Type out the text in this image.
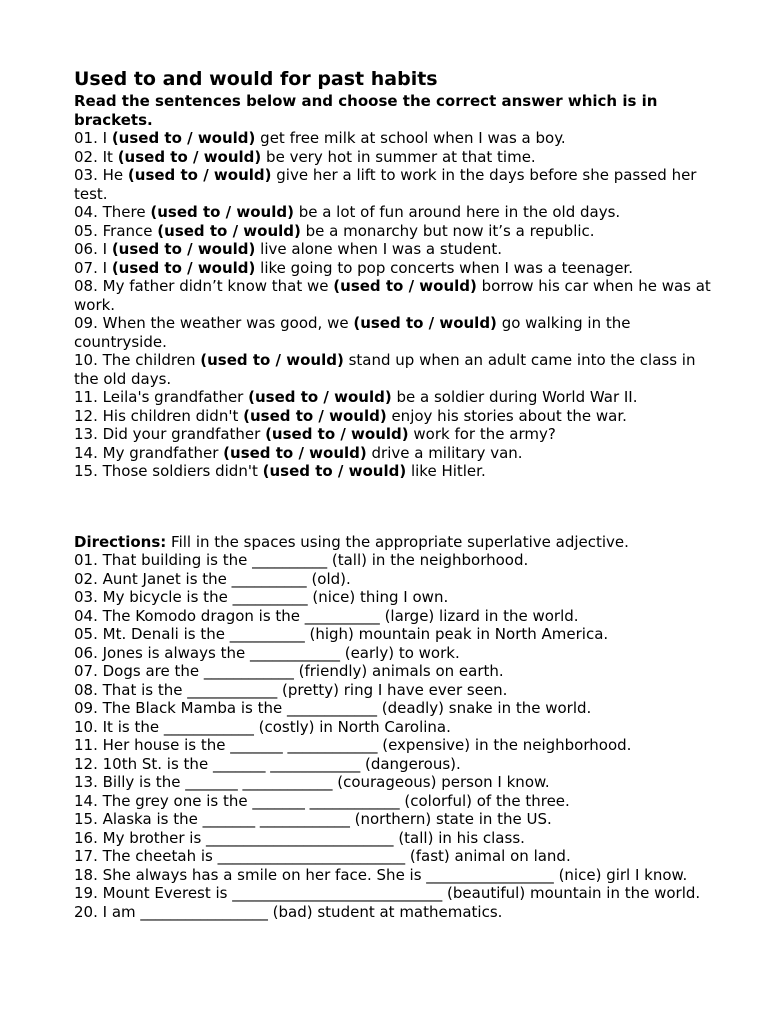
Used to and would for past habits

Read the sentences below and choose the correct answer which is in brackets.

01. I (used to / would) get free milk at school when I was a boy.

02. It (used to / would) be very hot in summer at that time.

03. He (used to / would) give her a lift to work in the days before she passed her test.

04. There (used to / would) be a lot of fun around here in the old days.

05. France (used to / would) be a monarchy but now it’s a republic.

06. I (used to / would) live alone when I was a student.

07. I (used to / would) like going to pop concerts when I was a teenager.

08. My father didn’t know that we (used to / would) borrow his car when he was at work.

09. When the weather was good, we (used to / would) go walking in the countryside.

10. The children (used to / would) stand up when an adult came into the class in the old days.

11. Leila's grandfather (used to / would) be a soldier during World War II.

12. His children didn't (used to / would) enjoy his stories about the war.

13. Did your grandfather (used to / would) work for the army?

14. My grandfather (used to / would) drive a military van.

15. Those soldiers didn't (used to / would) like Hitler.

Directions: Fill in the spaces using the appropriate superlative adjective.

01. That building is the __________ (tall) in the neighborhood.

02. Aunt Janet is the __________ (old).

03. My bicycle is the __________ (nice) thing I own.

04. The Komodo dragon is the __________ (large) lizard in the world.

05. Mt. Denali is the __________ (high) mountain peak in North America.

06. Jones is always the ____________ (early) to work.

07. Dogs are the ____________ (friendly) animals on earth.

08. That is the ____________ (pretty) ring I have ever seen.

09. The Black Mamba is the ____________ (deadly) snake in the world.

10. It is the ____________ (costly) in North Carolina.

11. Her house is the _______ ____________ (expensive) in the neighborhood.

12. 10th St. is the _______ ____________ (dangerous).

13. Billy is the _______ ____________ (courageous) person I know.

14. The grey one is the _______ ____________ (colorful) of the three.

15. Alaska is the _______ ____________ (northern) state in the US.

16. My brother is _________________________ (tall) in his class.

17. The cheetah is _________________________ (fast) animal on land.

18. She always has a smile on her face. She is _________________ (nice) girl I know.

19. Mount Everest is ____________________________ (beautiful) mountain in the world.

20. I am _________________ (bad) student at mathematics.
